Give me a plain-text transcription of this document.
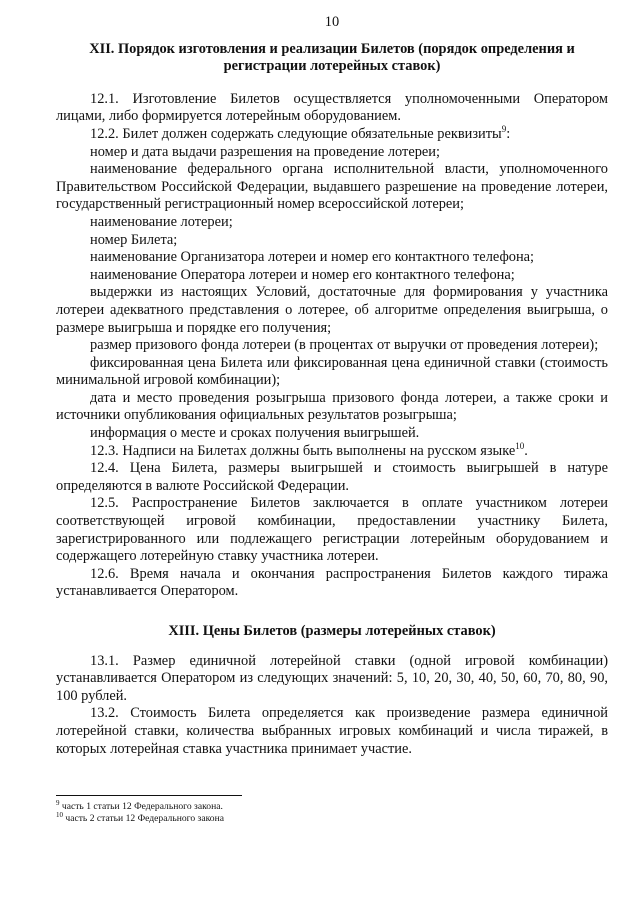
10
XII. Порядок изготовления и реализации Билетов (порядок определения и регистрации лотерейных ставок)

12.1. Изготовление Билетов осуществляется уполномоченными Оператором лицами, либо формируется лотерейным оборудованием.

12.2. Билет должен содержать следующие обязательные реквизиты$^9$:

номер и дата выдачи разрешения на проведение лотереи;

наименование федерального органа исполнительной власти, уполномоченного Правительством Российской Федерации, выдавшего разрешение на проведение лотереи, государственный регистрационный номер всероссийской лотереи;

наименование лотереи;

номер Билета;

наименование Организатора лотереи и номер его контактного телефона;

наименование Оператора лотереи и номер его контактного телефона;

выдержки из настоящих Условий, достаточные для формирования у участника лотереи адекватного представления о лотерее, об алгоритме определения выигрыша, о размере выигрыша и порядке его получения;

размер призового фонда лотереи (в процентах от выручки от проведения лотереи);

фиксированная цена Билета или фиксированная цена единичной ставки (стоимость минимальной игровой комбинации);

дата и место проведения розыгрыша призового фонда лотереи, а также сроки и источники опубликования официальных результатов розыгрыша;

информация о месте и сроках получения выигрышей.

12.3. Надписи на Билетах должны быть выполнены на русском языке$^{10}$.

12.4. Цена Билета, размеры выигрышей и стоимость выигрышей в натуре определяются в валюте Российской Федерации.

12.5. Распространение Билетов заключается в оплате участником лотереи соответствующей игровой комбинации, предоставлении участнику Билета, зарегистрированного или подлежащего регистрации лотерейным оборудованием и содержащего лотерейную ставку участника лотереи.

12.6. Время начала и окончания распространения Билетов каждого тиража устанавливается Оператором.

XIII. Цены Билетов (размеры лотерейных ставок)

13.1. Размер единичной лотерейной ставки (одной игровой комбинации) устанавливается Оператором из следующих значений: 5, 10, 20, 30, 40, 50, 60, 70, 80, 90, 100 рублей.

13.2. Стоимость Билета определяется как произведение размера единичной лотерейной ставки, количества выбранных игровых комбинаций и числа тиражей, в которых лотерейная ставка участника принимает участие.

$^9$ часть 1 статьи 12 Федерального закона.
$^{10}$ часть 2 статьи 12 Федерального закона
